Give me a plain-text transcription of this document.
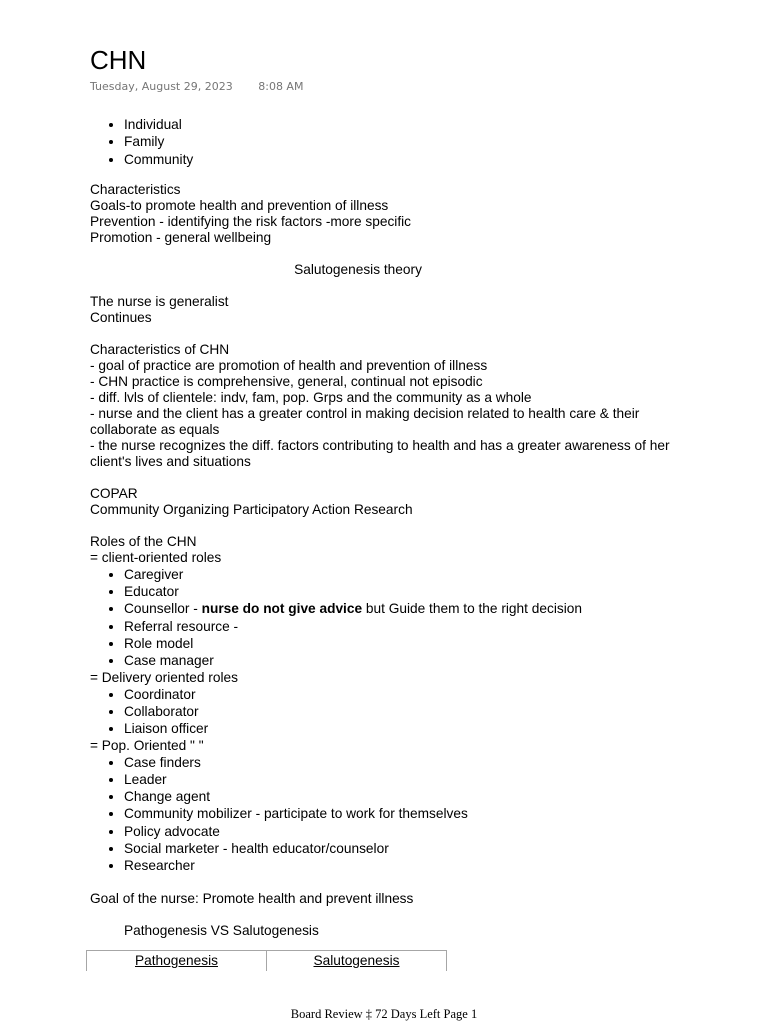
CHN
Tuesday, August 29, 2023 8:08 AM
• Individual
• Family
• Community

Characteristics

Goals-to promote health and prevention of illness

Prevention - identifying the risk factors -more specific

Promotion - general wellbeing

Salutogenesis theory

The nurse is generalist

Continues

Characteristics of CHN

- goal of practice are promotion of health and prevention of illness

- CHN practice is comprehensive, general, continual not episodic

- diff. lvls of clientele: indv, fam, pop. Grps and the community as a whole

- nurse and the client has a greater control in making decision related to health care & their collaborate as equals

- the nurse recognizes the diff. factors contributing to health and has a greater awareness of her client's lives and situations

COPAR

Community Organizing Participatory Action Research

Roles of the CHN

= client-oriented roles

• Caregiver
• Educator
• Counsellor - nurse do not give advice but Guide them to the right decision
• Referral resource -
• Role model
• Case manager

= Delivery oriented roles

• Coordinator
• Collaborator
• Liaison officer

= Pop. Oriented " "

• Case finders
• Leader
• Change agent
• Community mobilizer - participate to work for themselves
• Policy advocate
• Social marketer - health educator/counselor
• Researcher

Goal of the nurse: Promote health and prevent illness

Pathogenesis VS Salutogenesis

Pathogenesis	Salutogenesis
Board Review ‡ 72 Days Left Page 1
